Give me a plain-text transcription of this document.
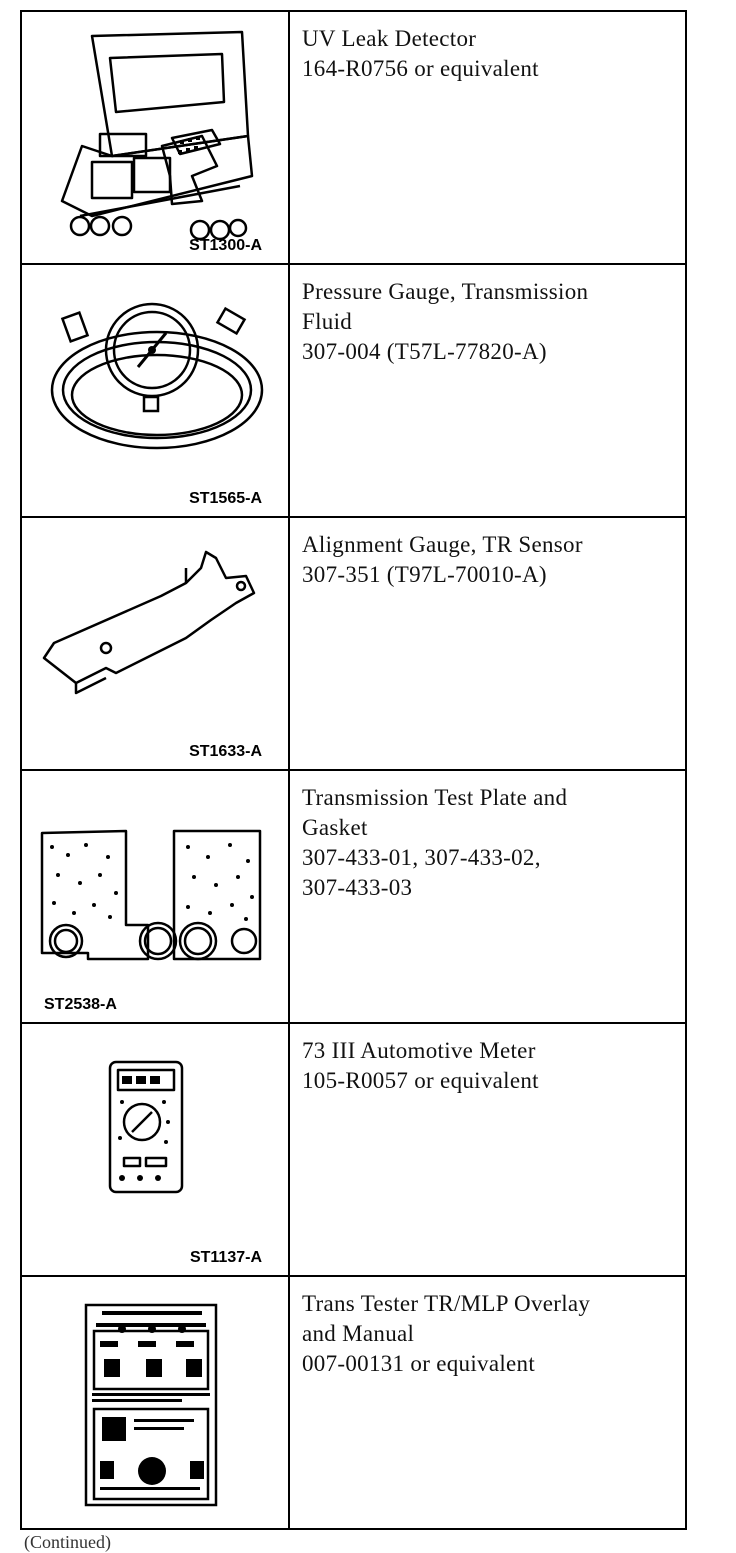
ST1300-A	UV Leak Detector
164-R0756 or equivalent

ST1565-A	Pressure Gauge, Transmission
Fluid
307-004 (T57L-77820-A)

ST1633-A	Alignment Gauge, TR Sensor
307-351 (T97L-70010-A)

ST2538-A	Transmission Test Plate and
Gasket
307-433-01, 307-433-02,
307-433-03

ST1137-A	73 III Automotive Meter
105-R0057 or equivalent

Trans Tester TR/MLP Overlay
and Manual
007-00131 or equivalent
(Continued)
